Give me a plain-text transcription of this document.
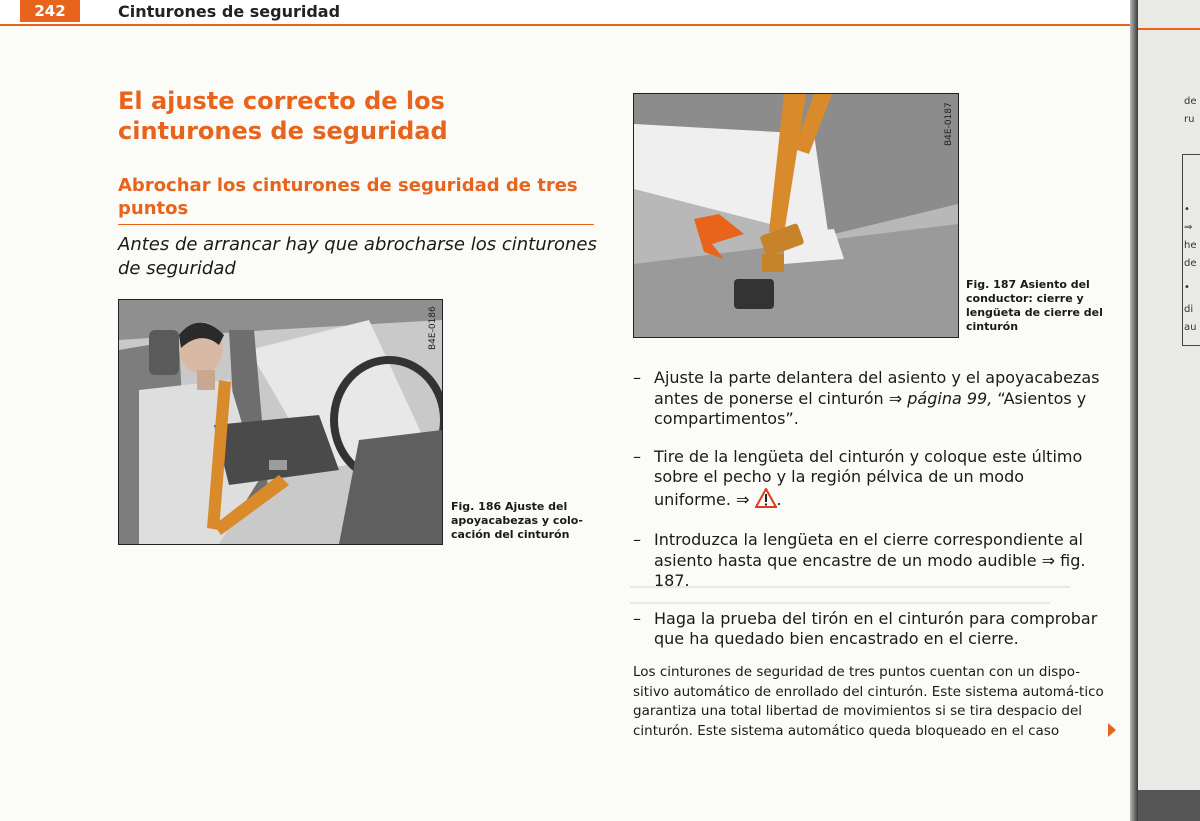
242	Cinturones de seguridad
El ajuste correcto de los cinturones de seguridad
Abrochar los cinturones de seguridad de tres puntos

Antes de arrancar hay que abrocharse los cinturones de seguridad

B4E-0186
Fig. 186 Ajuste del apoyacabezas y colo-cación del cinturón
B4E-0187
Fig. 187 Asiento del conductor: cierre y lengüeta de cierre del cinturón
– Ajuste la parte delantera del asiento y el apoyacabezas antes de ponerse el cinturón ⇒ página 99, “Asientos y compartimentos”.
– Tire de la lengüeta del cinturón y coloque este último sobre el pecho y la región pélvica de un modo uniforme. ⇒ .
– Introduzca la lengüeta en el cierre correspondiente al asiento hasta que encastre de un modo audible ⇒ fig. 187.
– Haga la prueba del tirón en el cinturón para comprobar que ha quedado bien encastrado en el cierre.

Los cinturones de seguridad de tres puntos cuentan con un dispo-sitivo automático de enrollado del cinturón. Este sistema automá-tico garantiza una total libertad de movimientos si se tira despacio del cinturón. Este sistema automático queda bloqueado en el caso

de
ru
•
⇒
he
de
•
di
au
